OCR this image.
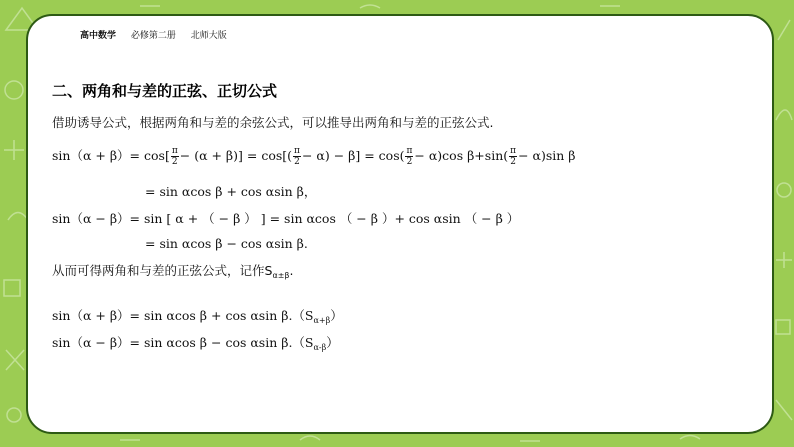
高中数学 必修第二册 北师大版
二、两角和与差的正弦、正切公式
借助诱导公式，根据两角和与差的余弦公式，可以推导出两角和与差的正弦公式.
$\sin(\alpha + \beta)= \cos[ \frac{\pi}{2} - (\alpha + \beta)] = \cos[( \frac{\pi}{2} - \alpha) - \beta] = \cos( \frac{\pi}{2} - \alpha)\cos$ $\beta+\sin( \frac{\pi}{2} - \alpha)\sin$ β
= sin αcos β + cos αsin β，
sin（α − β）= sin [ α + （ − β ） ] = sin αcos （ − β ）+ cos αsin （ − β ）
= sin αcos β − cos αsin β.
从而可得两角和与差的正弦公式，记作$S_{\alpha\pm\beta}$.
sin（α + β）= sin αcos β + cos αsin $\beta.(S_{\alpha+\beta})$
sin（α − β）= sin αcos β − cos αsin $\beta.(S_{\alpha-\beta})$
